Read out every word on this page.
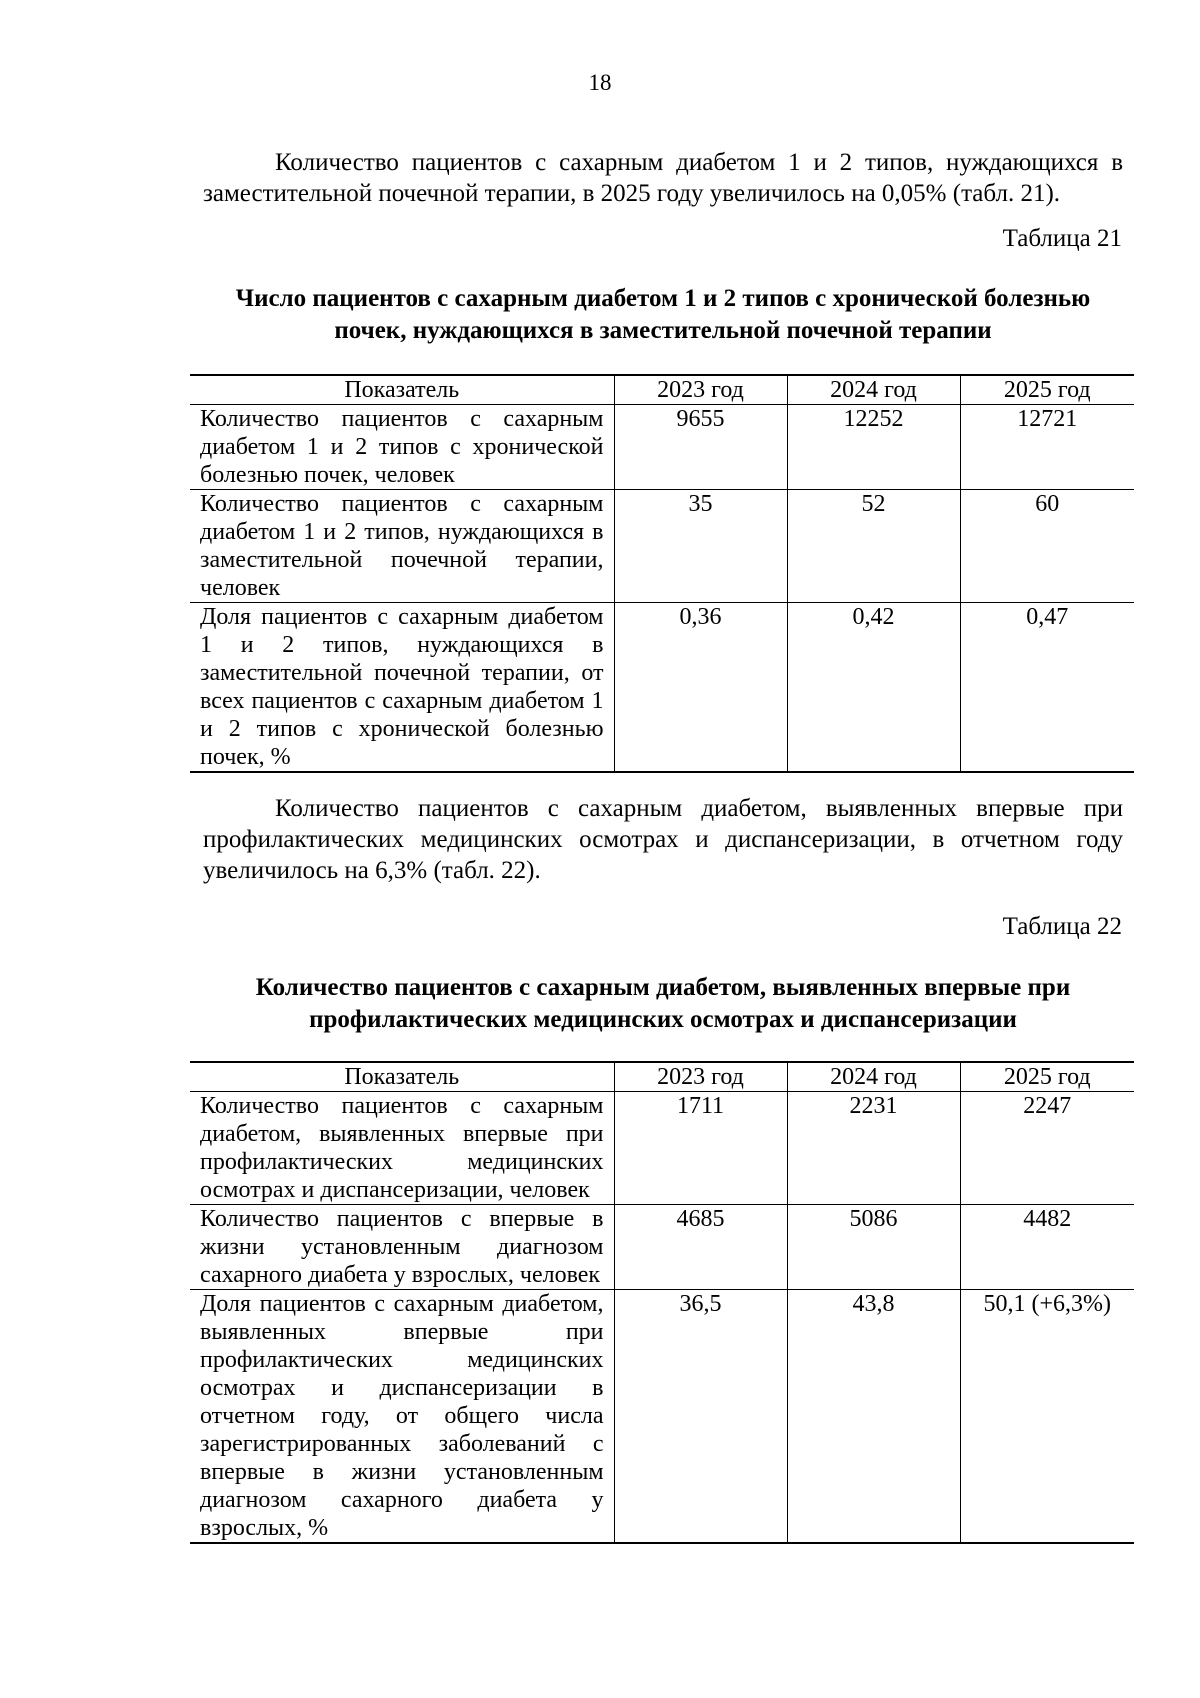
18

Количество пациентов с сахарным диабетом 1 и 2 типов, нуждающихся в заместительной почечной терапии, в 2025 году увеличилось на 0,05% (табл. 21).

Таблица 21

Число пациентов с сахарным диабетом 1 и 2 типов с хронической болезнью почек, нуждающихся в заместительной почечной терапии

Показатель	2023 год	2024 год	2025 год
Количество пациентов с сахарным диабетом 1 и 2 типов с хронической болезнью почек, человек	9655	12252	12721
Количество пациентов с сахарным диабетом 1 и 2 типов, нуждающихся в заместительной почечной терапии, человек	35	52	60
Доля пациентов с сахарным диабетом 1 и 2 типов, нуждающихся в заместительной почечной терапии, от всех пациентов с сахарным диабетом 1 и 2 типов с хронической болезнью почек, %	0,36	0,42	0,47

Количество пациентов с сахарным диабетом, выявленных впервые при профилактических медицинских осмотрах и диспансеризации, в отчетном году увеличилось на 6,3% (табл. 22).

Таблица 22

Количество пациентов с сахарным диабетом, выявленных впервые при профилактических медицинских осмотрах и диспансеризации

Показатель	2023 год	2024 год	2025 год
Количество пациентов с сахарным диабетом, выявленных впервые при профилактических медицинских осмотрах и диспансеризации, человек	1711	2231	2247
Количество пациентов с впервые в жизни установленным диагнозом сахарного диабета у взрослых, человек	4685	5086	4482
Доля пациентов с сахарным диабетом, выявленных впервые при профилактических медицинских осмотрах и диспансеризации в отчетном году, от общего числа зарегистрированных заболеваний с впервые в жизни установленным диагнозом сахарного диабета у взрослых, %	36,5	43,8	50,1 (+6,3%)
